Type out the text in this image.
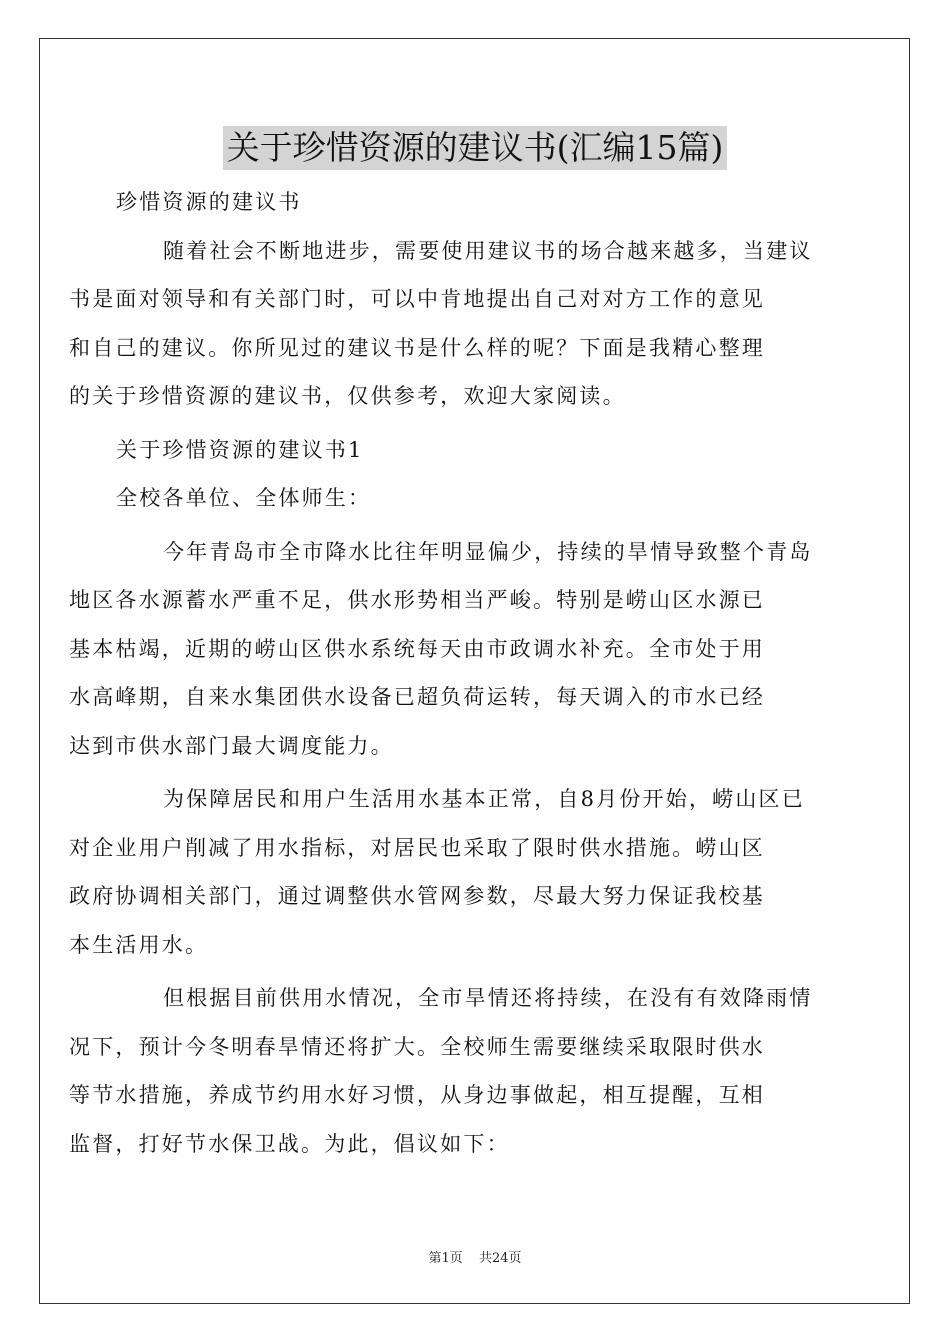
关于珍惜资源的建议书(汇编15篇)

珍惜资源的建议书

随着社会不断地进步，需要使用建议书的场合越来越多，当建议
书是面对领导和有关部门时，可以中肯地提出自己对对方工作的意见
和自己的建议。你所见过的建议书是什么样的呢？下面是我精心整理
的关于珍惜资源的建议书，仅供参考，欢迎大家阅读。

关于珍惜资源的建议书1

全校各单位、全体师生：

今年青岛市全市降水比往年明显偏少，持续的旱情导致整个青岛
地区各水源蓄水严重不足，供水形势相当严峻。特别是崂山区水源已
基本枯竭，近期的崂山区供水系统每天由市政调水补充。全市处于用
水高峰期，自来水集团供水设备已超负荷运转，每天调入的市水已经
达到市供水部门最大调度能力。
为保障居民和用户生活用水基本正常，自8月份开始，崂山区已
对企业用户削减了用水指标，对居民也采取了限时供水措施。崂山区
政府协调相关部门，通过调整供水管网参数，尽最大努力保证我校基
本生活用水。
但根据目前供用水情况，全市旱情还将持续，在没有有效降雨情
况下，预计今冬明春旱情还将扩大。全校师生需要继续采取限时供水
等节水措施，养成节约用水好习惯，从身边事做起，相互提醒，互相
监督，打好节水保卫战。为此，倡议如下：
第1页 共24页
